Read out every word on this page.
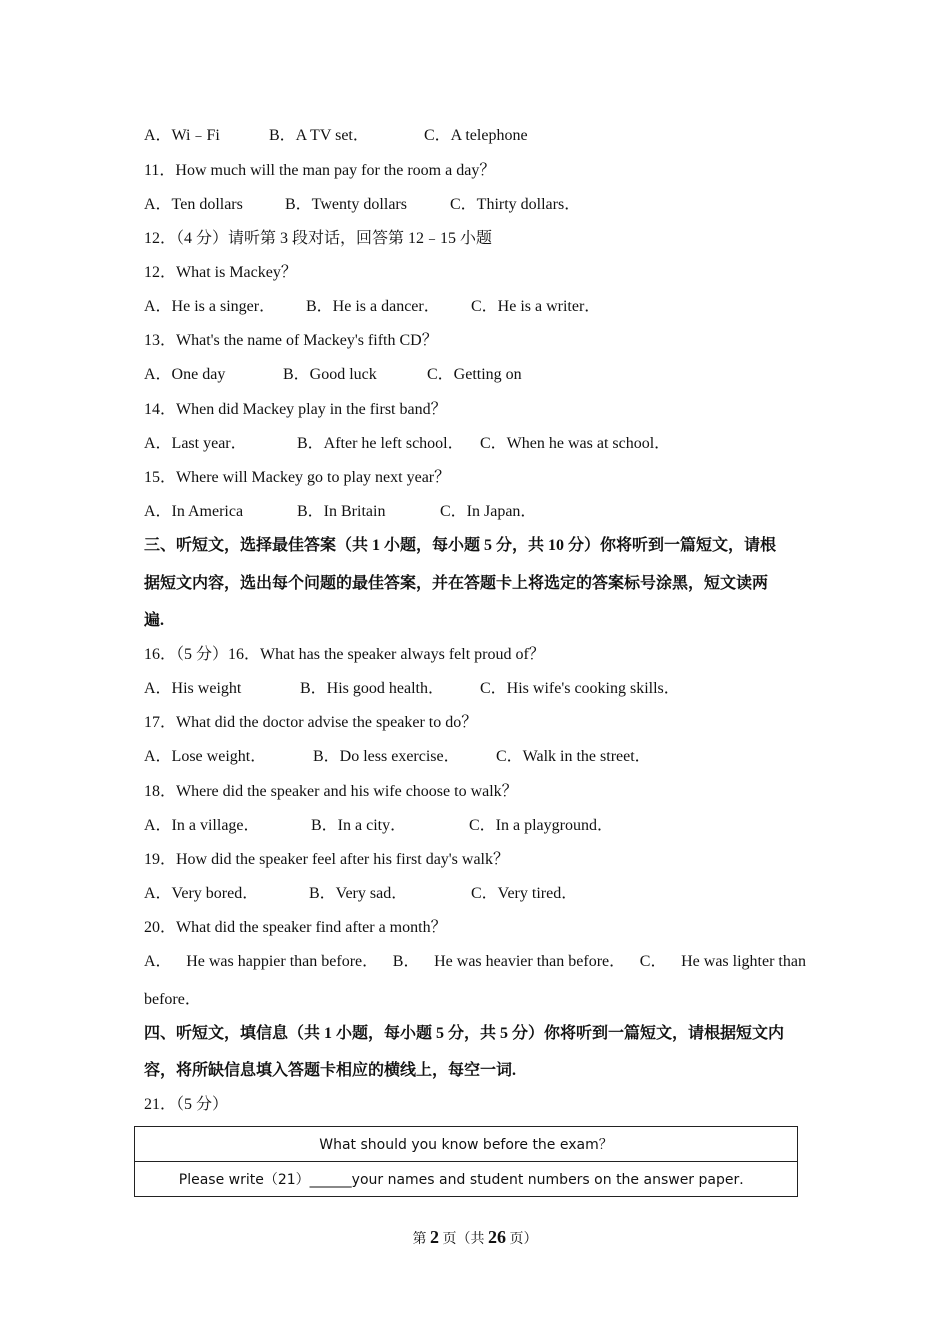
A．Wi﹣Fi	B．A TV set．	C．A telephone
11．How much will the man pay for the room a day？
A．Ten dollars	B．Twenty dollars	C．Thirty dollars．
12．（4 分）请听第 3 段对话，回答第 12﹣15 小题
12．What is Mackey？
A．He is a singer． B．He is a dancer． C．He is a writer．
13．What's the name of Mackey's fifth CD？
A．One day	B．Good luck	C．Getting on
14．When did Mackey play in the first band？
A．Last year．	B．After he left school． C．When he was at school．
15．Where will Mackey go to play next year？
A．In America	B．In Britain	C．In Japan．
三、听短文，选择最佳答案（共 1 小题，每小题 5 分，共 10 分）你将听到一篇短文，请根
据短文内容，选出每个问题的最佳答案，并在答题卡上将选定的答案标号涂黑，短文读两
遍.
16．（5 分）16．What has the speaker always felt proud of？
A．His weight	B．His good health． C．His wife's cooking skills．
17．What did the doctor advise the speaker to do？
A．Lose weight．	B．Do less exercise． C．Walk in the street．
18．Where did the speaker and his wife choose to walk？
A．In a village．	B．In a city．	C．In a playground．
19．How did the speaker feel after his first day's walk？
A．Very bored．	B．Very sad．	C．Very tired．
20．What did the speaker find after a month？
A． He was happier than before． B． He was heavier than before． C． He was lighter than
before．
四、听短文，填信息（共 1 小题，每小题 5 分，共 5 分）你将听到一篇短文，请根据短文内
容，将所缺信息填入答题卡相应的横线上，每空一词.
21．（5 分）
What should you know before the exam？
Please write（21）______your names and student numbers on the answer paper．
第 2 页（共 26 页）
